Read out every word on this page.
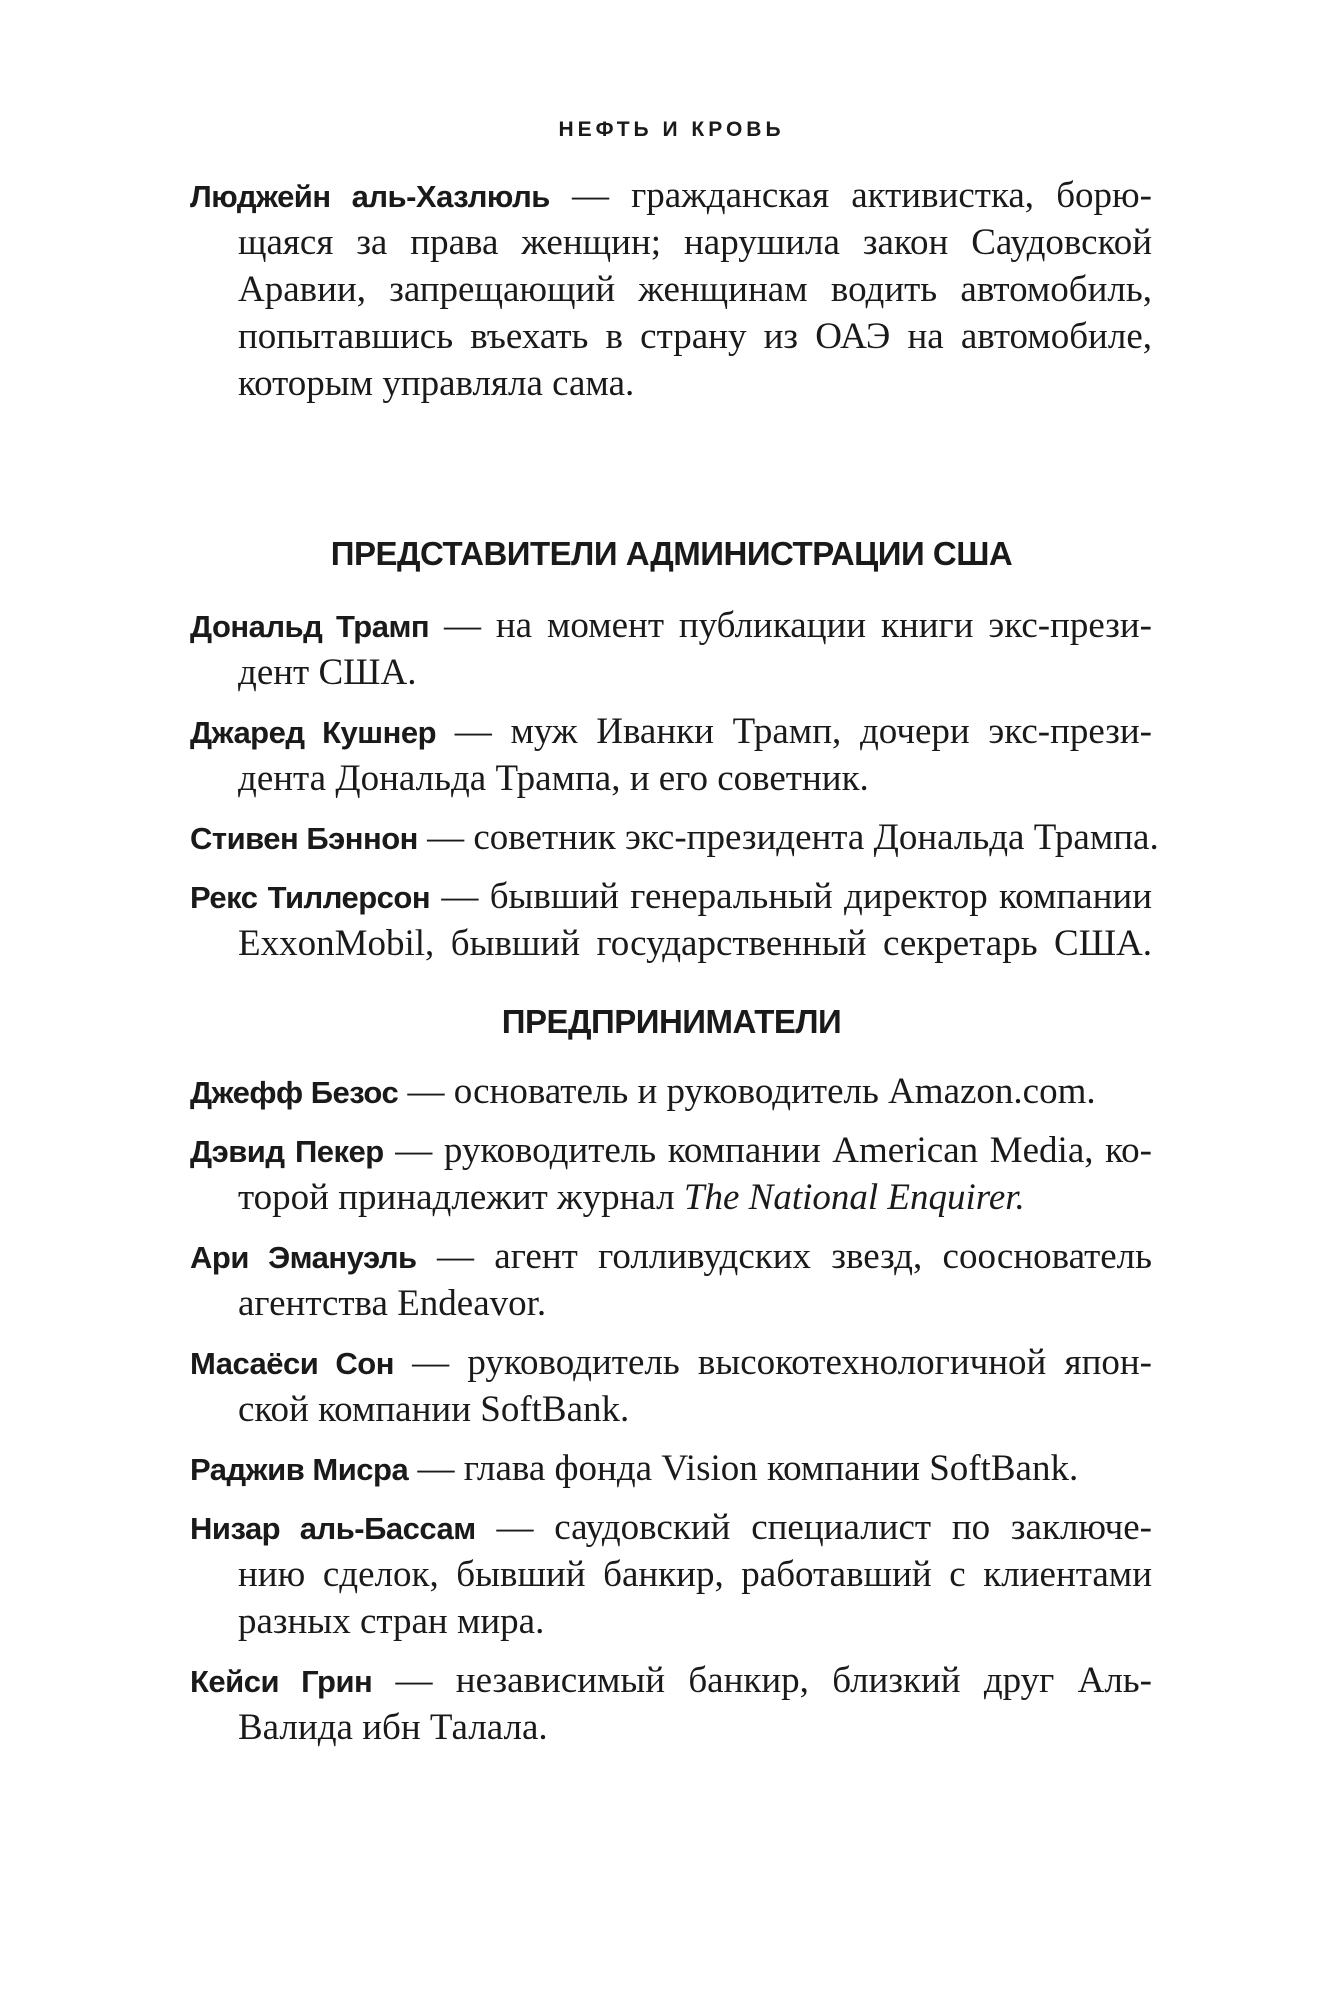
НЕФТЬ И КРОВЬ
Люджейн аль-Хазлюль — гражданская активистка, борю-
щаяся за права женщин; нарушила закон Саудовской
Аравии, запрещающий женщинам водить автомобиль,
попытавшись въехать в страну из ОАЭ на автомобиле,
которым управляла сама.
ПРЕДСТАВИТЕЛИ АДМИНИСТРАЦИИ США
Дональд Трамп — на момент публикации книги экс-прези-
дент США.
Джаред Кушнер — муж Иванки Трамп, дочери экс-прези-
дента Дональда Трампа, и его советник.
Стивен Бэннон — советник экс-президента Дональда Трампа.
Рекс Тиллерсон — бывший генеральный директор компании
ExxonMobil, бывший государственный секретарь США.
ПРЕДПРИНИМАТЕЛИ
Джефф Безос — основатель и руководитель Amazon.com.
Дэвид Пекер — руководитель компании American Media, ко-
торой принадлежит журнал The National Enquirer.
Ари Эмануэль — агент голливудских звезд, сооснователь
агентства Endeavor.
Масаёси Сон — руководитель высокотехнологичной япон-
ской компании SoftBank.
Раджив Мисра — глава фонда Vision компании SoftBank.
Низар аль-Бассам — саудовский специалист по заключе-
нию сделок, бывший банкир, работавший с клиентами
разных стран мира.
Кейси Грин — независимый банкир, близкий друг Аль-
Валида ибн Талала.
